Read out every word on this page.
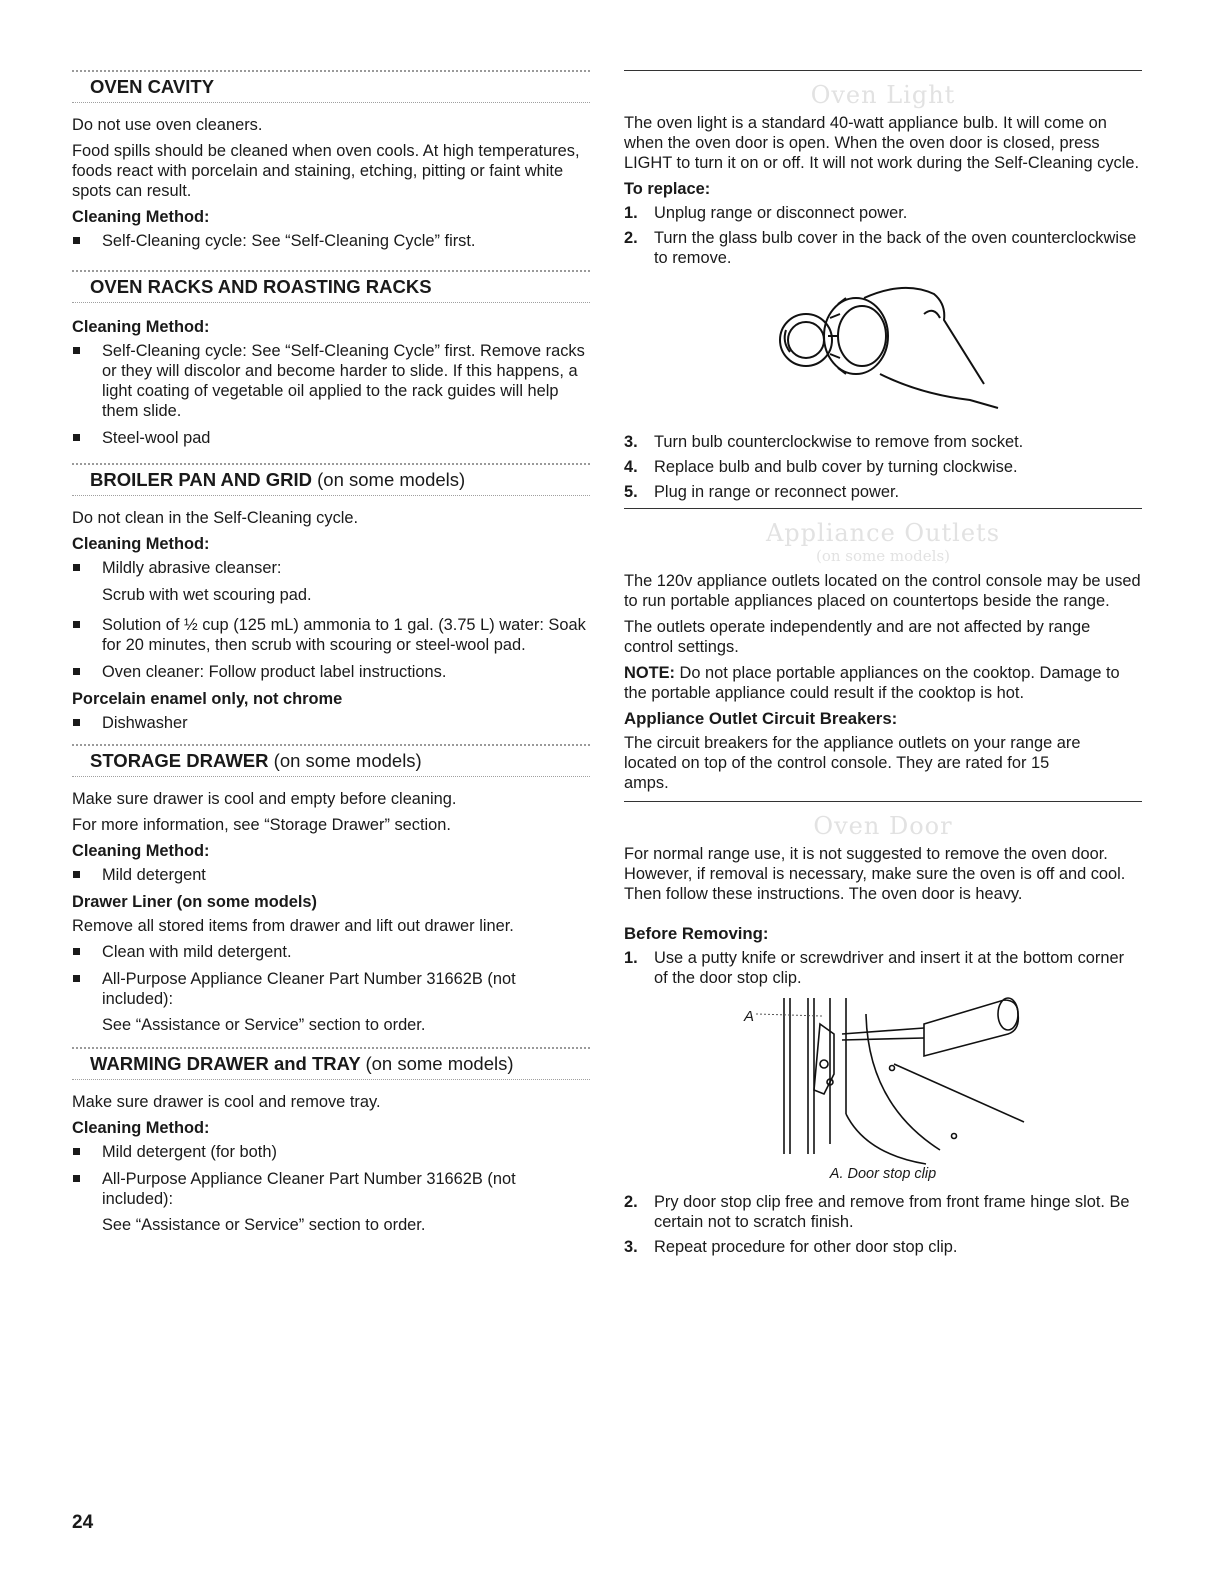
OVEN CAVITY

Do not use oven cleaners.

Food spills should be cleaned when oven cools. At high temperatures, foods react with porcelain and staining, etching, pitting or faint white spots can result.

Cleaning Method:
Self-Cleaning cycle: See “Self-Cleaning Cycle” first.
OVEN RACKS AND ROASTING RACKS
Cleaning Method:
Self-Cleaning cycle: See “Self-Cleaning Cycle” first. Remove racks or they will discolor and become harder to slide. If this happens, a light coating of vegetable oil applied to the rack guides will help them slide.
Steel-wool pad
BROILER PAN AND GRID (on some models)

Do not clean in the Self-Cleaning cycle.

Cleaning Method:
Mildly abrasive cleanser:

Scrub with wet scouring pad.

Solution of ½ cup (125 mL) ammonia to 1 gal. (3.75 L) water: Soak for 20 minutes, then scrub with scouring or steel-wool pad.
Oven cleaner: Follow product label instructions.
Porcelain enamel only, not chrome
Dishwasher
STORAGE DRAWER (on some models)

Make sure drawer is cool and empty before cleaning.

For more information, see “Storage Drawer” section.

Cleaning Method:
Mild detergent
Drawer Liner (on some models)

Remove all stored items from drawer and lift out drawer liner.

Clean with mild detergent.
All-Purpose Appliance Cleaner Part Number 31662B (not included):

See “Assistance or Service” section to order.

WARMING DRAWER and TRAY (on some models)

Make sure drawer is cool and remove tray.

Cleaning Method:
Mild detergent (for both)
All-Purpose Appliance Cleaner Part Number 31662B (not included):

See “Assistance or Service” section to order.

Oven Light

The oven light is a standard 40-watt appliance bulb. It will come on when the oven door is open. When the oven door is closed, press LIGHT to turn it on or off. It will not work during the Self-Cleaning cycle.

To replace:
1. Unplug range or disconnect power.
2. Turn the glass bulb cover in the back of the oven counterclockwise to remove.
3. Turn bulb counterclockwise to remove from socket.
4. Replace bulb and bulb cover by turning clockwise.
5. Plug in range or reconnect power.
Appliance Outlets
(on some models)

The 120v appliance outlets located on the control console may be used to run portable appliances placed on countertops beside the range.

The outlets operate independently and are not affected by range control settings.

NOTE: Do not place portable appliances on the cooktop. Damage to the portable appliance could result if the cooktop is hot.

Appliance Outlet Circuit Breakers:

The circuit breakers for the appliance outlets on your range are located on top of the control console. They are rated for 15 amps.

Oven Door

For normal range use, it is not suggested to remove the oven door. However, if removal is necessary, make sure the oven is off and cool. Then follow these instructions. The oven door is heavy.

Before Removing:
1. Use a putty knife or screwdriver and insert it at the bottom corner of the door stop clip.
A
A. Door stop clip
2. Pry door stop clip free and remove from front frame hinge slot. Be certain not to scratch finish.
3. Repeat procedure for other door stop clip.
24
